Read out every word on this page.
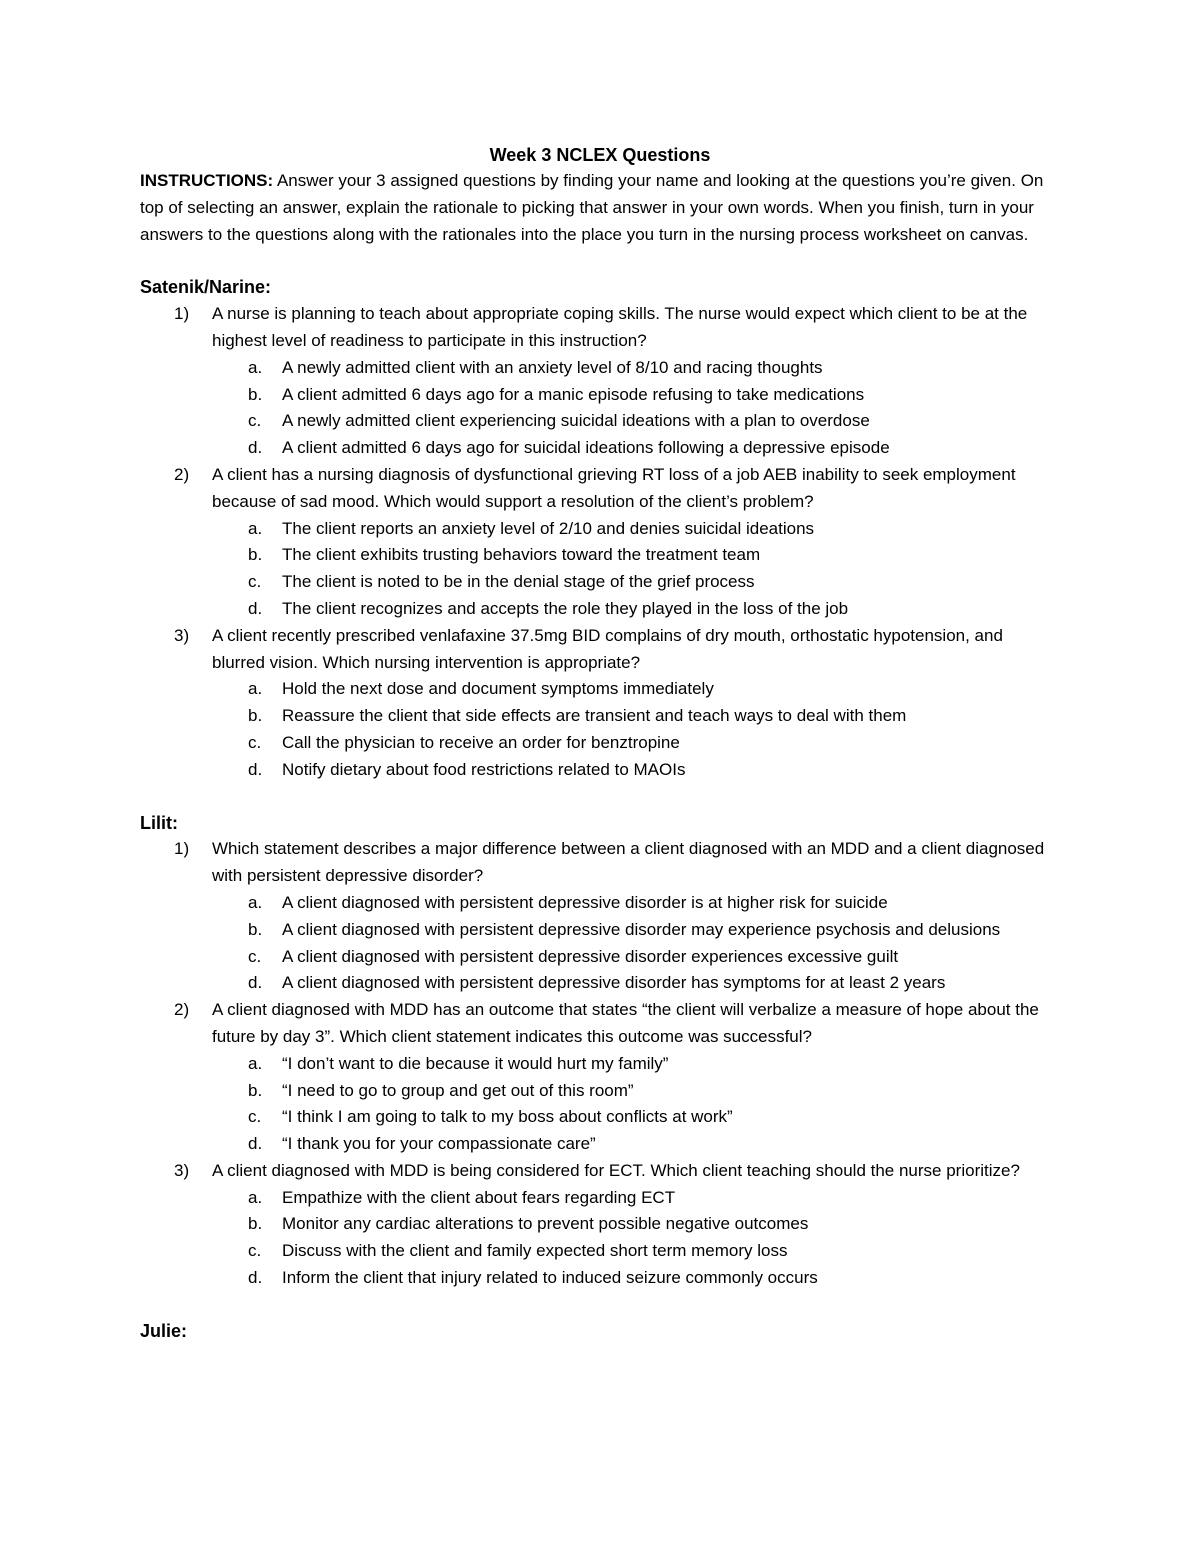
Week 3 NCLEX Questions

INSTRUCTIONS: Answer your 3 assigned questions by finding your name and looking at the questions you’re given. On top of selecting an answer, explain the rationale to picking that answer in your own words. When you finish, turn in your answers to the questions along with the rationales into the place you turn in the nursing process worksheet on canvas.

Satenik/Narine:

1) A nurse is planning to teach about appropriate coping skills. The nurse would expect which client to be at the highest level of readiness to participate in this instruction?
a. A newly admitted client with an anxiety level of 8/10 and racing thoughts
b. A client admitted 6 days ago for a manic episode refusing to take medications
c. A newly admitted client experiencing suicidal ideations with a plan to overdose
d. A client admitted 6 days ago for suicidal ideations following a depressive episode
2) A client has a nursing diagnosis of dysfunctional grieving RT loss of a job AEB inability to seek employment because of sad mood. Which would support a resolution of the client’s problem?
a. The client reports an anxiety level of 2/10 and denies suicidal ideations
b. The client exhibits trusting behaviors toward the treatment team
c. The client is noted to be in the denial stage of the grief process
d. The client recognizes and accepts the role they played in the loss of the job
3) A client recently prescribed venlafaxine 37.5mg BID complains of dry mouth, orthostatic hypotension, and blurred vision. Which nursing intervention is appropriate?
a. Hold the next dose and document symptoms immediately
b. Reassure the client that side effects are transient and teach ways to deal with them
c. Call the physician to receive an order for benztropine
d. Notify dietary about food restrictions related to MAOIs

Lilit:

1) Which statement describes a major difference between a client diagnosed with an MDD and a client diagnosed with persistent depressive disorder?
a. A client diagnosed with persistent depressive disorder is at higher risk for suicide
b. A client diagnosed with persistent depressive disorder may experience psychosis and delusions
c. A client diagnosed with persistent depressive disorder experiences excessive guilt
d. A client diagnosed with persistent depressive disorder has symptoms for at least 2 years
2) A client diagnosed with MDD has an outcome that states “the client will verbalize a measure of hope about the future by day 3”. Which client statement indicates this outcome was successful?
a. “I don’t want to die because it would hurt my family”
b. “I need to go to group and get out of this room”
c. “I think I am going to talk to my boss about conflicts at work”
d. “I thank you for your compassionate care”
3) A client diagnosed with MDD is being considered for ECT. Which client teaching should the nurse prioritize?
a. Empathize with the client about fears regarding ECT
b. Monitor any cardiac alterations to prevent possible negative outcomes
c. Discuss with the client and family expected short term memory loss
d. Inform the client that injury related to induced seizure commonly occurs

Julie:
